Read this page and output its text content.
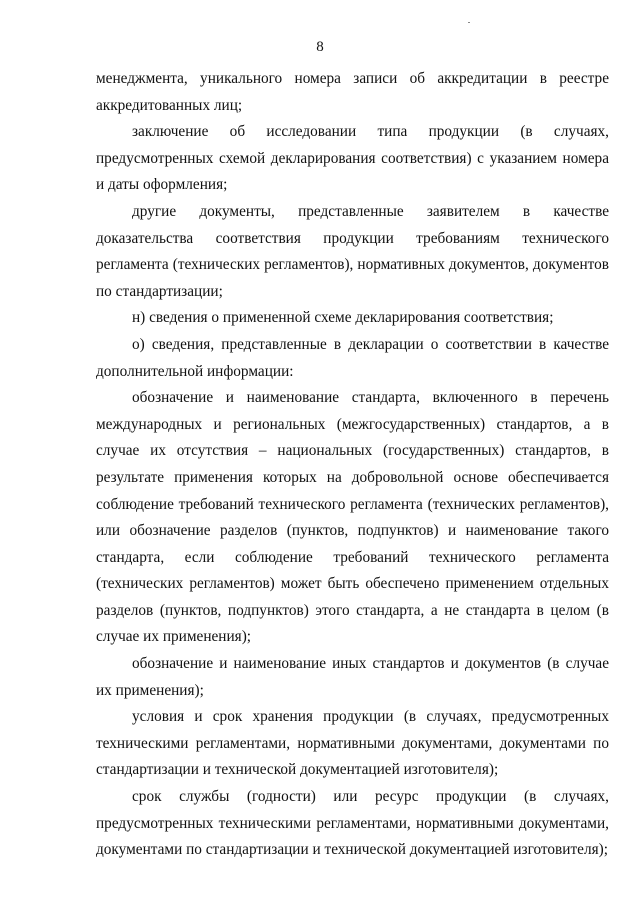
8

менеджмента, уникального номера записи об аккредитации в реестре аккредитованных лиц;

заключение об исследовании типа продукции (в случаях, предусмотренных схемой декларирования соответствия) с указанием номера и даты оформления;

другие документы, представленные заявителем в качестве доказательства соответствия продукции требованиям технического регламента (технических регламентов), нормативных документов, документов по стандартизации;

н) сведения о примененной схеме декларирования соответствия;

о) сведения, представленные в декларации о соответствии в качестве дополнительной информации:

обозначение и наименование стандарта, включенного в перечень международных и региональных (межгосударственных) стандартов, а в случае их отсутствия – национальных (государственных) стандартов, в результате применения которых на добровольной основе обеспечивается соблюдение требований технического регламента (технических регламентов), или обозначение разделов (пунктов, подпунктов) и наименование такого стандарта, если соблюдение требований технического регламента (технических регламентов) может быть обеспечено применением отдельных разделов (пунктов, подпунктов) этого стандарта, а не стандарта в целом (в случае их применения);

обозначение и наименование иных стандартов и документов (в случае их применения);

условия и срок хранения продукции (в случаях, предусмотренных техническими регламентами, нормативными документами, документами по стандартизации и технической документацией изготовителя);

срок службы (годности) или ресурс продукции (в случаях, предусмотренных техническими регламентами, нормативными документами, документами по стандартизации и технической документацией изготовителя);
